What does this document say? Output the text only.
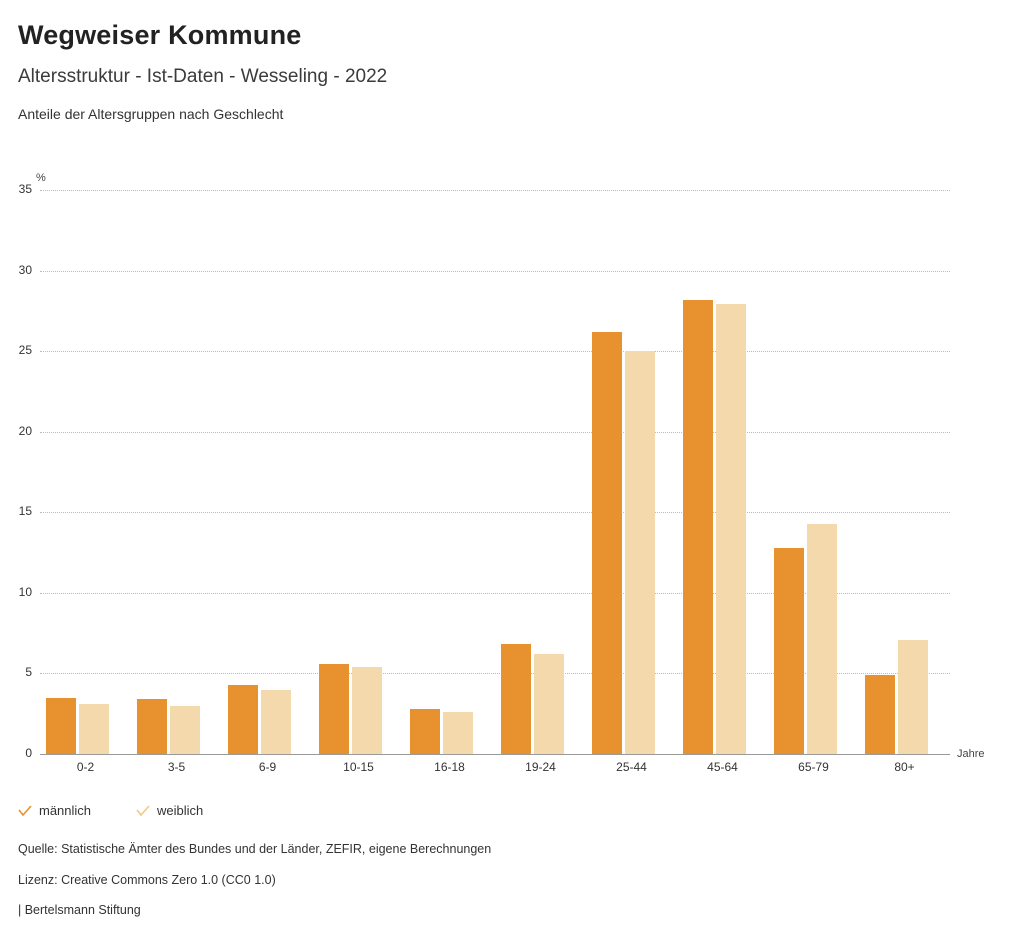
Wegweiser Kommune
Altersstruktur - Ist-Daten - Wesseling - 2022
Anteile der Altersgruppen nach Geschlecht
%
Jahre
0
5
10
15
20
25
30
35
0-2	3-5	6-9	10-15	16-18	19-24	25-44	45-64	65-79	80+
männlich	weiblich
Quelle: Statistische Ämter des Bundes und der Länder, ZEFIR, eigene Berechnungen
Lizenz: Creative Commons Zero 1.0 (CC0 1.0)
| Bertelsmann Stiftung
